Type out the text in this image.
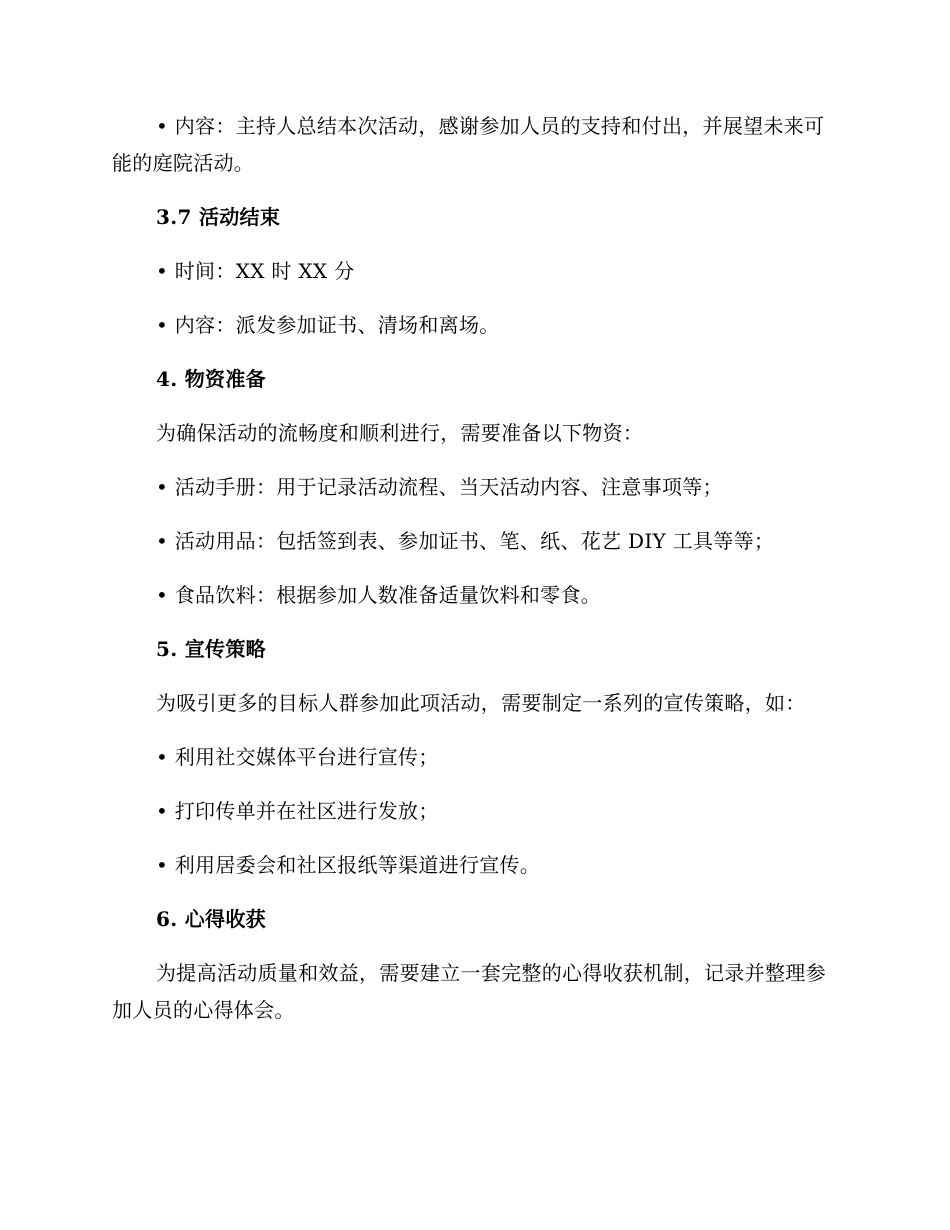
• 内容：主持人总结本次活动，感谢参加人员的支持和付出，并展望未来可能的庭院活动。

3.7 活动结束

• 时间：XX 时 XX 分

• 内容：派发参加证书、清场和离场。

4. 物资准备

为确保活动的流畅度和顺利进行，需要准备以下物资：

• 活动手册：用于记录活动流程、当天活动内容、注意事项等；

• 活动用品：包括签到表、参加证书、笔、纸、花艺 DIY 工具等等；

• 食品饮料：根据参加人数准备适量饮料和零食。

5. 宣传策略

为吸引更多的目标人群参加此项活动，需要制定一系列的宣传策略，如：

• 利用社交媒体平台进行宣传；

• 打印传单并在社区进行发放；

• 利用居委会和社区报纸等渠道进行宣传。

6. 心得收获

为提高活动质量和效益，需要建立一套完整的心得收获机制，记录并整理参加人员的心得体会。
